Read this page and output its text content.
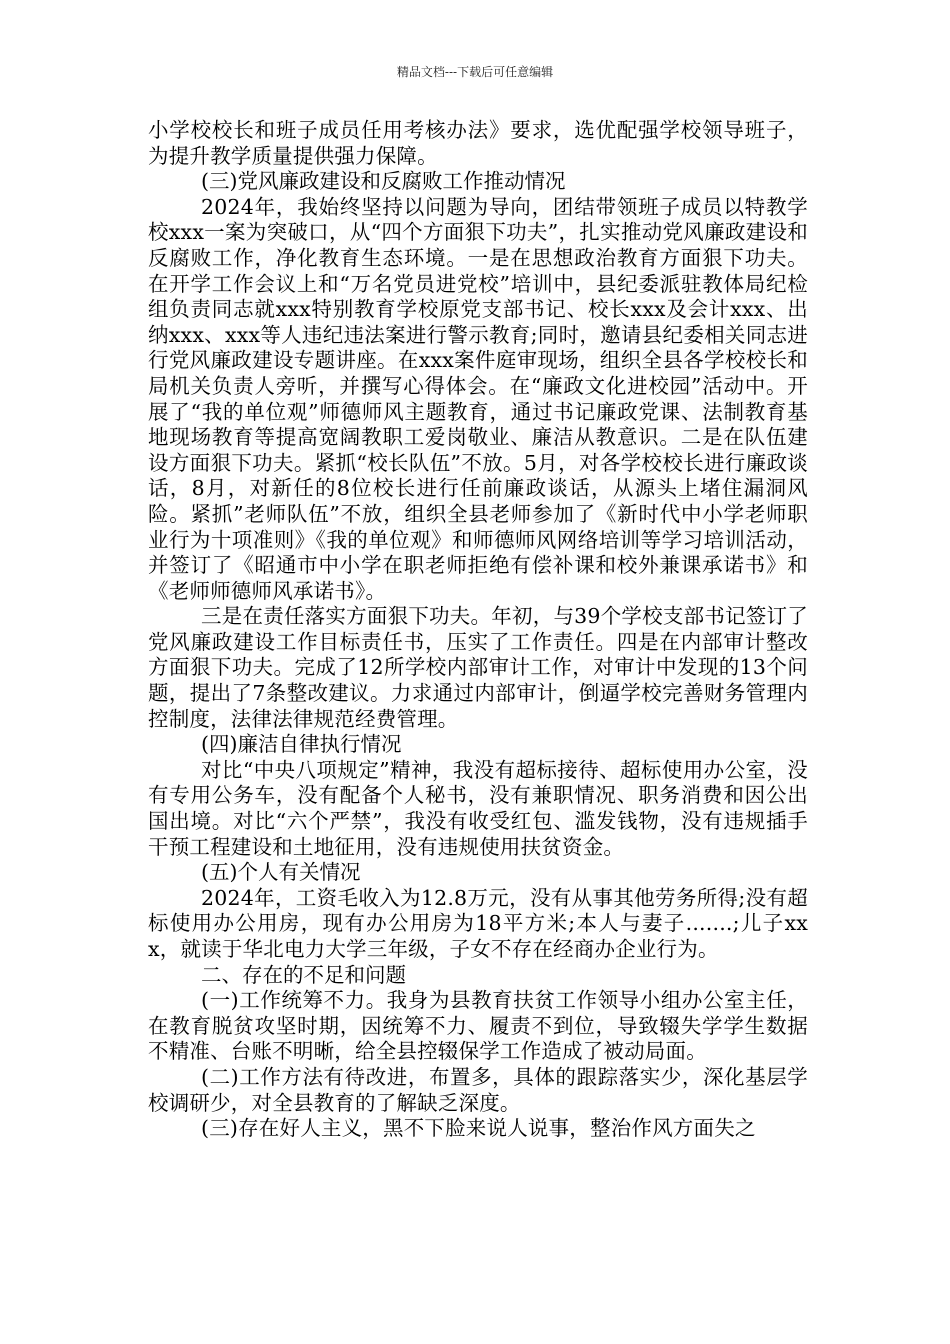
精品文档---下载后可任意编辑

小学校校长和班子成员任用考核办法》要求，选优配强学校领导班子，为提升教学质量提供强力保障。

(三)党风廉政建设和反腐败工作推动情况

2024年，我始终坚持以问题为导向，团结带领班子成员以特教学校xxx一案为突破口，从“四个方面狠下功夫”，扎实推动党风廉政建设和反腐败工作，净化教育生态环境。一是在思想政治教育方面狠下功夫。在开学工作会议上和“万名党员进党校”培训中，县纪委派驻教体局纪检组负责同志就xxx特别教育学校原党支部书记、校长xxx及会计xxx、出纳xxx、xxx等人违纪违法案进行警示教育;同时，邀请县纪委相关同志进行党风廉政建设专题讲座。在xxx案件庭审现场，组织全县各学校校长和局机关负责人旁听，并撰写心得体会。在“廉政文化进校园”活动中。开展了“我的单位观”师德师风主题教育，通过书记廉政党课、法制教育基地现场教育等提高宽阔教职工爱岗敬业、廉洁从教意识。二是在队伍建设方面狠下功夫。紧抓“校长队伍”不放。5月，对各学校校长进行廉政谈话，8月，对新任的8位校长进行任前廉政谈话，从源头上堵住漏洞风险。紧抓”老师队伍”不放，组织全县老师参加了《新时代中小学老师职业行为十项准则》《我的单位观》和师德师风网络培训等学习培训活动，并签订了《昭通市中小学在职老师拒绝有偿补课和校外兼课承诺书》和《老师师德师风承诺书》。

三是在责任落实方面狠下功夫。年初，与39个学校支部书记签订了党风廉政建设工作目标责任书，压实了工作责任。四是在内部审计整改方面狠下功夫。完成了12所学校内部审计工作，对审计中发现的13个问题，提出了7条整改建议。力求通过内部审计，倒逼学校完善财务管理内控制度，法律法律规范经费管理。

(四)廉洁自律执行情况

对比“中央八项规定”精神，我没有超标接待、超标使用办公室，没有专用公务车，没有配备个人秘书，没有兼职情况、职务消费和因公出国出境。对比“六个严禁”，我没有收受红包、滥发钱物，没有违规插手干预工程建设和土地征用，没有违规使用扶贫资金。

(五)个人有关情况

2024年，工资毛收入为12.8万元，没有从事其他劳务所得;没有超标使用办公用房，现有办公用房为18平方米;本人与妻子.......;儿子xxx，就读于华北电力大学三年级，子女不存在经商办企业行为。

二、存在的不足和问题

(一)工作统筹不力。我身为县教育扶贫工作领导小组办公室主任，在教育脱贫攻坚时期，因统筹不力、履责不到位，导致辍失学学生数据不精准、台账不明晰，给全县控辍保学工作造成了被动局面。

(二)工作方法有待改进，布置多，具体的跟踪落实少，深化基层学校调研少，对全县教育的了解缺乏深度。

(三)存在好人主义，黑不下脸来说人说事，整治作风方面失之
